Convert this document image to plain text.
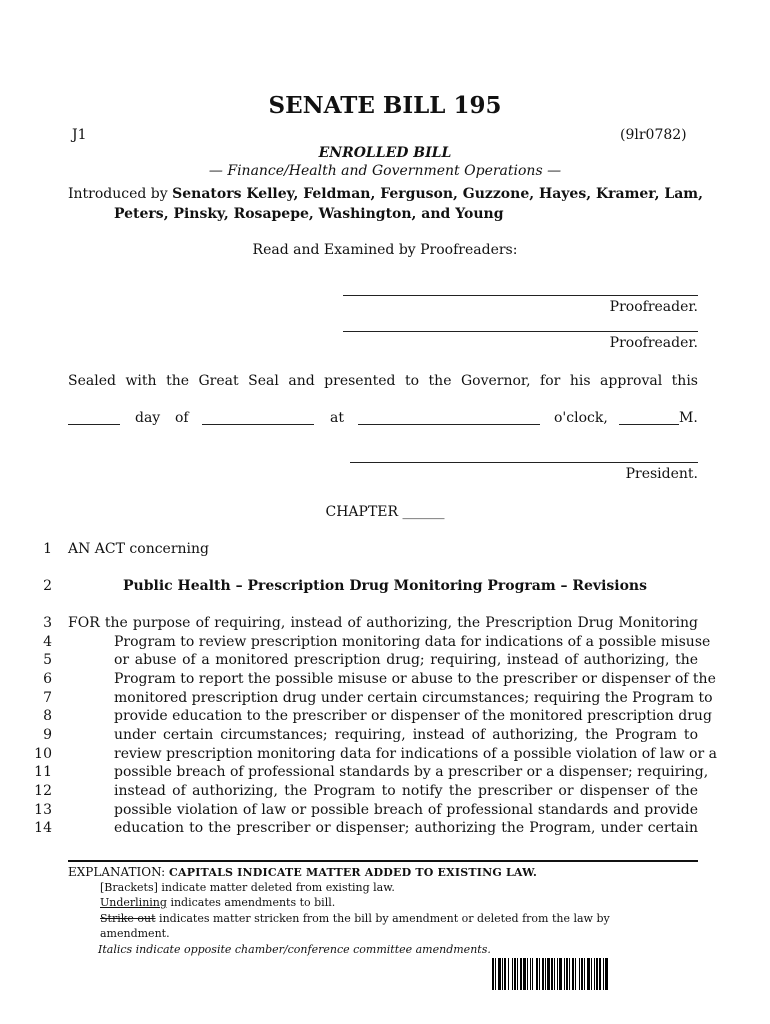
SENATE BILL 195
J1	(9lr0782)
ENROLLED BILL
— Finance/Health and Government Operations —
Introduced by Senators Kelley, Feldman, Ferguson, Guzzone, Hayes, Kramer, Lam,
Peters, Pinsky, Rosapepe, Washington, and Young
Read and Examined by Proofreaders:
Proofreader.
Proofreader.
Sealed with the Great Seal and presented to the Governor, for his approval this
day of	at	o'clock,	M.
President.
CHAPTER ______
1 AN ACT concerning
2	Public Health – Prescription Drug Monitoring Program – Revisions
3 FOR the purpose of requiring, instead of authorizing, the Prescription Drug Monitoring
4	Program to review prescription monitoring data for indications of a possible misuse
5	or abuse of a monitored prescription drug; requiring, instead of authorizing, the
6	Program to report the possible misuse or abuse to the prescriber or dispenser of the
7	monitored prescription drug under certain circumstances; requiring the Program to
8	provide education to the prescriber or dispenser of the monitored prescription drug
9	under certain circumstances; requiring, instead of authorizing, the Program to
10	review prescription monitoring data for indications of a possible violation of law or a
11	possible breach of professional standards by a prescriber or a dispenser; requiring,
12	instead of authorizing, the Program to notify the prescriber or dispenser of the
13	possible violation of law or possible breach of professional standards and provide
14	education to the prescriber or dispenser; authorizing the Program, under certain
EXPLANATION: CAPITALS INDICATE MATTER ADDED TO EXISTING LAW.
[Brackets] indicate matter deleted from existing law.
Underlining indicates amendments to bill.
Strike out indicates matter stricken from the bill by amendment or deleted from the law by
amendment.
Italics indicate opposite chamber/conference committee amendments.
